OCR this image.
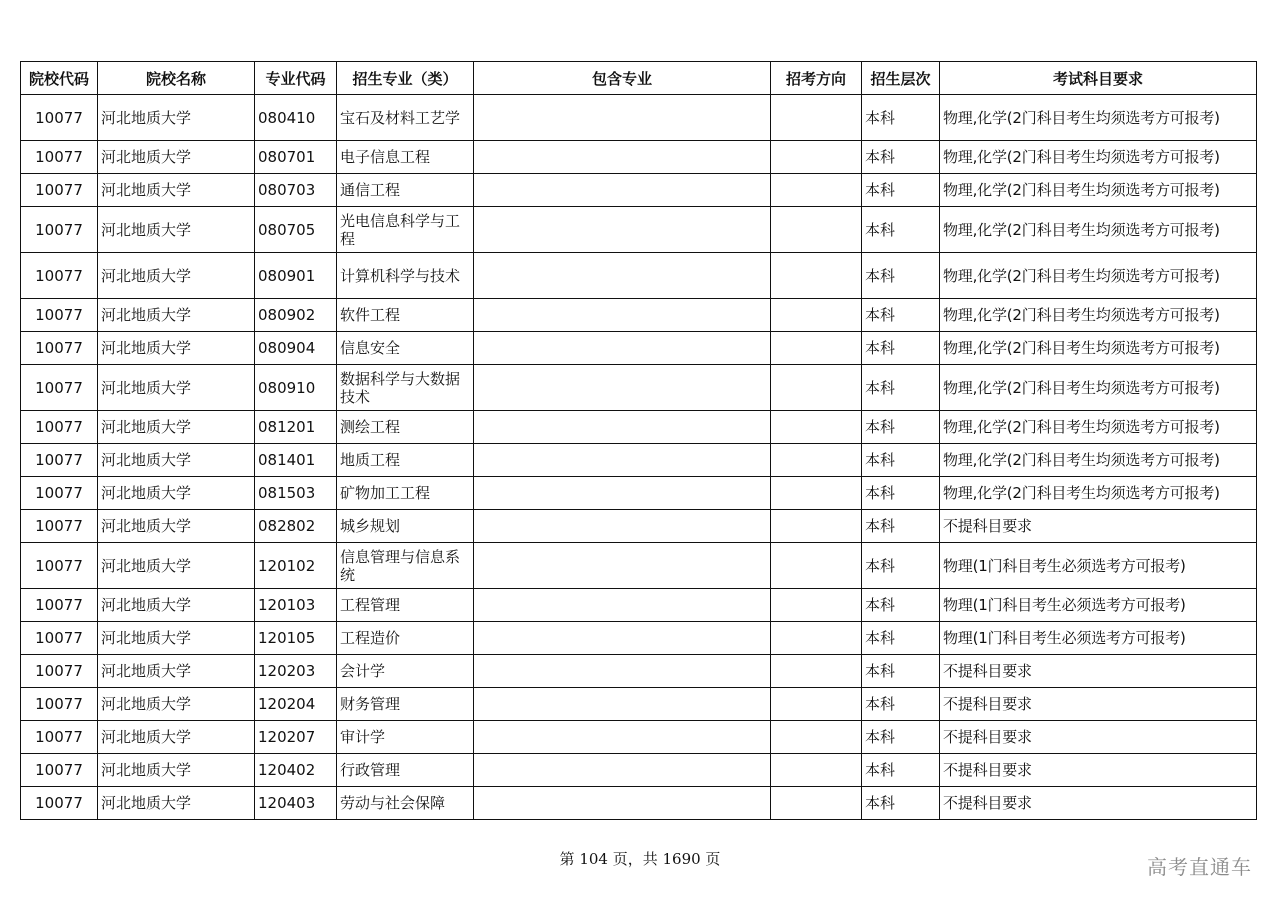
院校代码	院校名称	专业代码	招生专业（类）	包含专业	招考方向	招生层次	考试科目要求
10077	河北地质大学	080410	宝石及材料工艺学			本科	物理,化学(2门科目考生均须选考方可报考)
10077	河北地质大学	080701	电子信息工程			本科	物理,化学(2门科目考生均须选考方可报考)
10077	河北地质大学	080703	通信工程			本科	物理,化学(2门科目考生均须选考方可报考)
10077	河北地质大学	080705	光电信息科学与工程			本科	物理,化学(2门科目考生均须选考方可报考)
10077	河北地质大学	080901	计算机科学与技术			本科	物理,化学(2门科目考生均须选考方可报考)
10077	河北地质大学	080902	软件工程			本科	物理,化学(2门科目考生均须选考方可报考)
10077	河北地质大学	080904	信息安全			本科	物理,化学(2门科目考生均须选考方可报考)
10077	河北地质大学	080910	数据科学与大数据技术			本科	物理,化学(2门科目考生均须选考方可报考)
10077	河北地质大学	081201	测绘工程			本科	物理,化学(2门科目考生均须选考方可报考)
10077	河北地质大学	081401	地质工程			本科	物理,化学(2门科目考生均须选考方可报考)
10077	河北地质大学	081503	矿物加工工程			本科	物理,化学(2门科目考生均须选考方可报考)
10077	河北地质大学	082802	城乡规划			本科	不提科目要求
10077	河北地质大学	120102	信息管理与信息系统			本科	物理(1门科目考生必须选考方可报考)
10077	河北地质大学	120103	工程管理			本科	物理(1门科目考生必须选考方可报考)
10077	河北地质大学	120105	工程造价			本科	物理(1门科目考生必须选考方可报考)
10077	河北地质大学	120203	会计学			本科	不提科目要求
10077	河北地质大学	120204	财务管理			本科	不提科目要求
10077	河北地质大学	120207	审计学			本科	不提科目要求
10077	河北地质大学	120402	行政管理			本科	不提科目要求
10077	河北地质大学	120403	劳动与社会保障			本科	不提科目要求
第 104 页，共 1690 页	高考直通车
